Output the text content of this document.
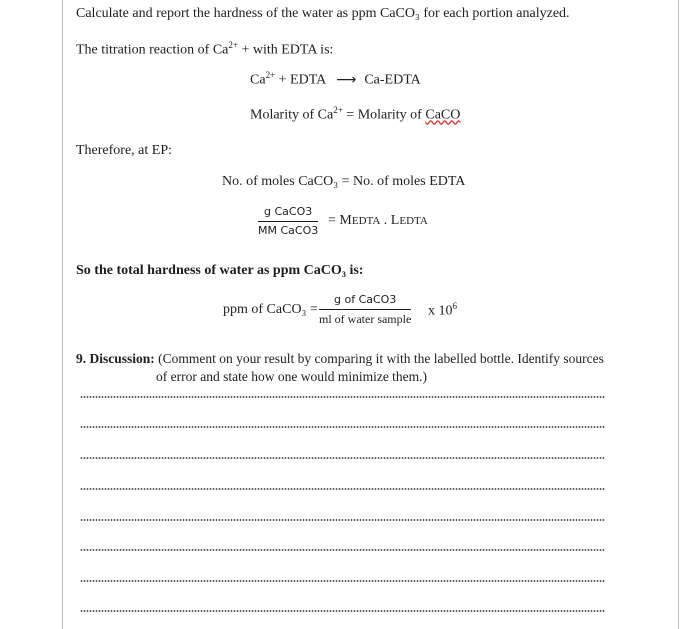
Calculate and report the hardness of the water as ppm CaCO₃ for each portion analyzed.
The titration reaction of $Ca^{2+}$ + with EDTA is:
$Ca^{2+}$ + EDTA ⟶ Ca-EDTA
Molarity of $Ca^{2+}$ = Molarity of CaCO
Therefore, at EP:
No. of moles CaCO₃ = No. of moles EDTA
g CaCO3
MM CaCO3
= MEDTA . LEDTA
So the total hardness of water as ppm CaCO₃ is:
ppm of CaCO₃ =
g of CaCO3
ml of water sample
x $10^6$
9. Discussion: (Comment on your result by comparing it with the labelled bottle. Identify sources
of error and state how one would minimize them.)
